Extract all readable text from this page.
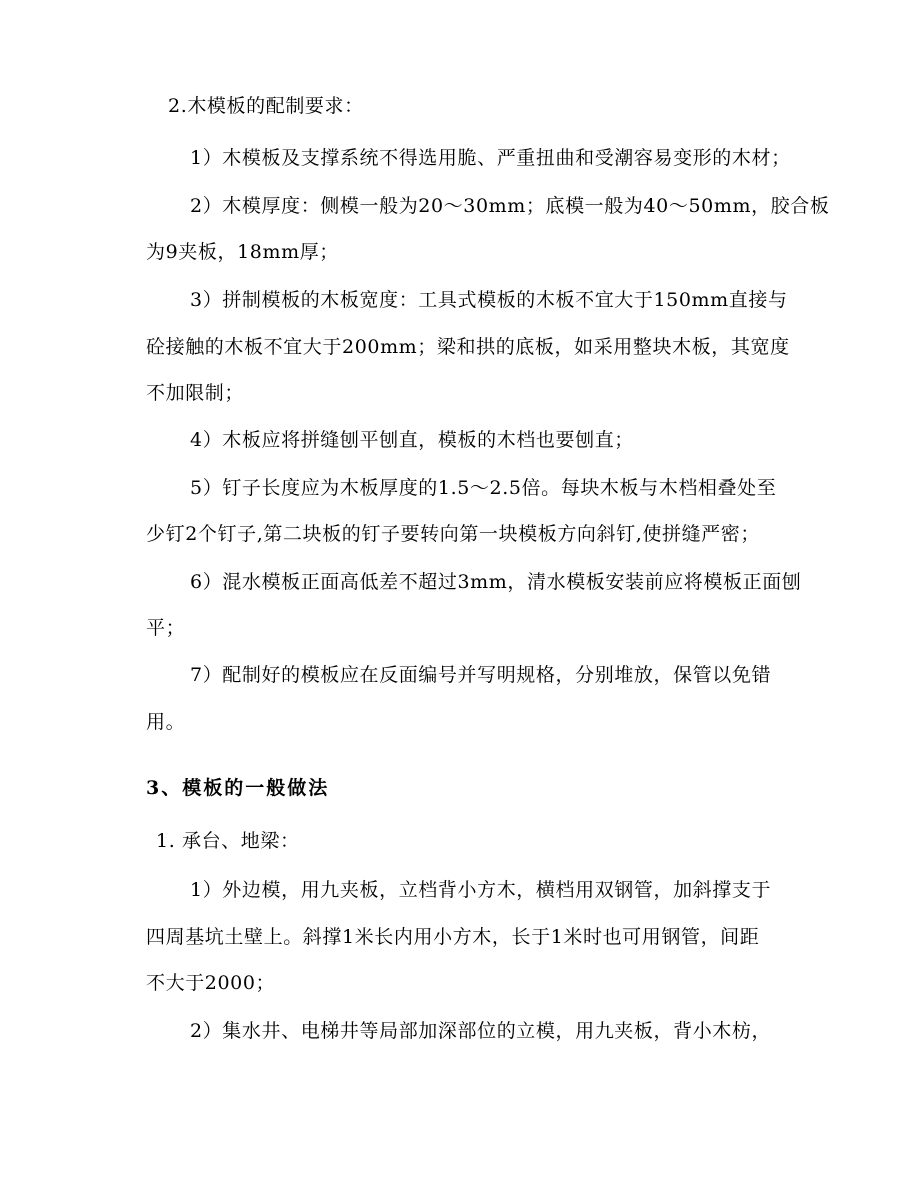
2.木模板的配制要求：
1）木模板及支撑系统不得选用脆、严重扭曲和受潮容易变形的木材；
2）木模厚度：侧模一般为20～30mm；底模一般为40～50mm，胶合板
为9夹板，18mm厚；
3）拼制模板的木板宽度：工具式模板的木板不宜大于150mm直接与
砼接触的木板不宜大于200mm；梁和拱的底板，如采用整块木板，其宽度
不加限制；
4）木板应将拼缝刨平刨直，模板的木档也要刨直；
5）钉子长度应为木板厚度的1.5～2.5倍。每块木板与木档相叠处至
少钉2个钉子,第二块板的钉子要转向第一块模板方向斜钉,使拼缝严密；
6）混水模板正面高低差不超过3mm，清水模板安装前应将模板正面刨
平；
7）配制好的模板应在反面编号并写明规格，分别堆放，保管以免错
用。
3、模板的一般做法
1. 承台、地梁：
1）外边模，用九夹板，立档背小方木，横档用双钢管，加斜撑支于
四周基坑土壁上。斜撑1米长内用小方木，长于1米时也可用钢管，间距
不大于2000；
2）集水井、电梯井等局部加深部位的立模，用九夹板，背小木枋，
